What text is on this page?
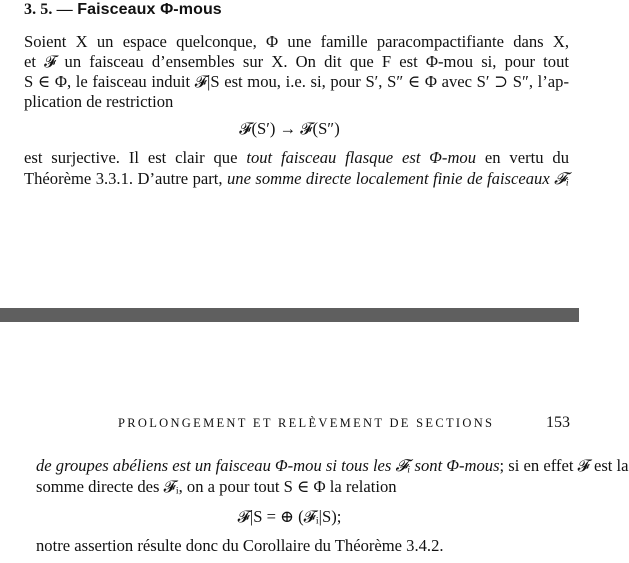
3. 5. — Faisceaux Φ-mous
Soient X un espace quelconque, Φ une famille paracompactifiante dans X,
et 𝓕 un faisceau d’ensembles sur X. On dit que F est Φ-mou si, pour tout
S ∈ Φ, le faisceau induit 𝓕|S est mou, i.e. si, pour S′, S″ ∈ Φ avec S′ ⊃ S″, l’ap-
plication de restriction
𝓕(S′) → 𝓕(S″)
est surjective. Il est clair que tout faisceau flasque est Φ-mou en vertu du
Théorème 3.3.1. D’autre part, une somme directe localement finie de faisceaux 𝓕ᵢ
PROLONGEMENT ET RELÈVEMENT DE SECTIONS	153
de groupes abéliens est un faisceau Φ-mou si tous les 𝓕ᵢ sont Φ-mous; si en effet 𝓕 est la
somme directe des 𝓕ᵢ, on a pour tout S ∈ Φ la relation
𝓕|S = ⊕ (𝓕ᵢ|S);
notre assertion résulte donc du Corollaire du Théorème 3.4.2.
